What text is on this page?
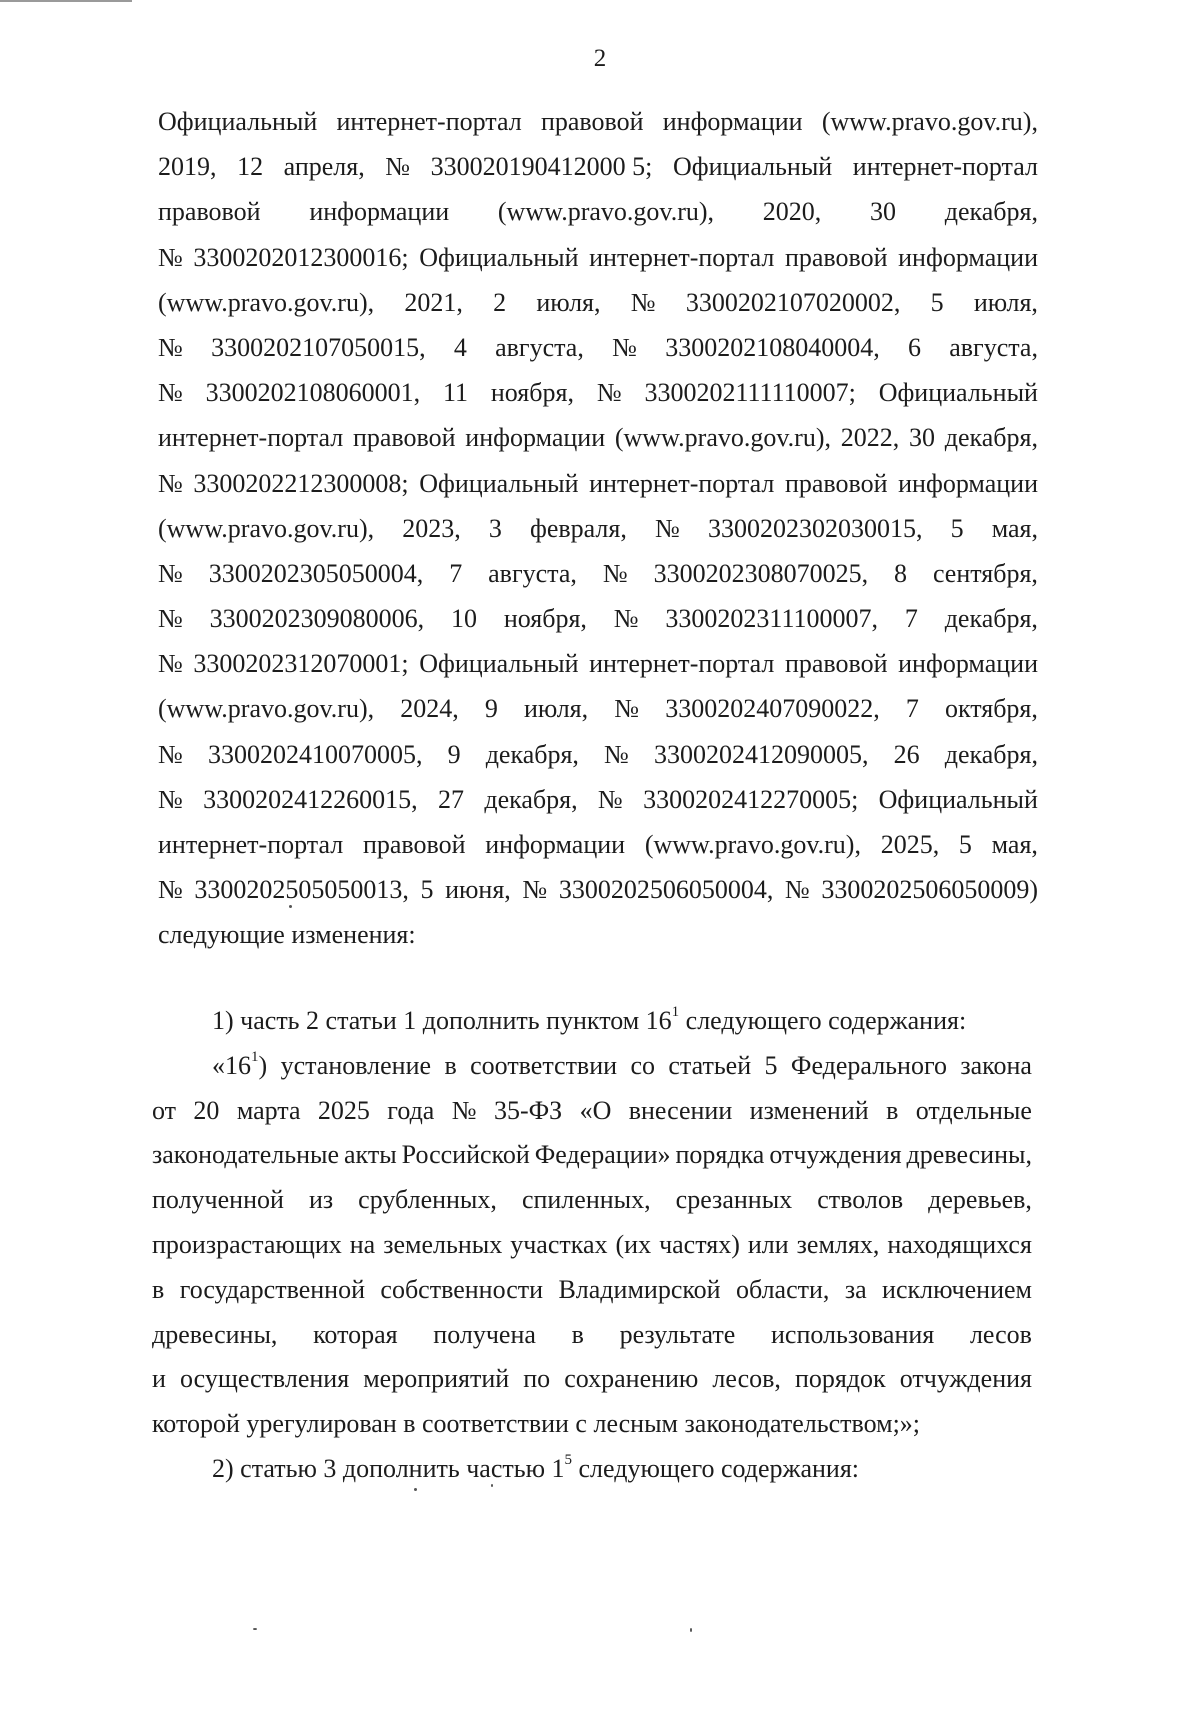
2
Официальный интернет-портал правовой информации (www.pravo.gov.ru),
2019, 12 апреля, № 330020190412000 5; Официальный интернет-портал
правовой информации (www.pravo.gov.ru), 2020, 30 декабря,
№ 3300202012300016; Официальный интернет-портал правовой информации
(www.pravo.gov.ru), 2021, 2 июля, № 3300202107020002, 5 июля,
№ 3300202107050015, 4 августа, № 3300202108040004, 6 августа,
№ 3300202108060001, 11 ноября, № 3300202111110007; Официальный
интернет-портал правовой информации (www.pravo.gov.ru), 2022, 30 декабря,
№ 3300202212300008; Официальный интернет-портал правовой информации
(www.pravo.gov.ru), 2023, 3 февраля, № 3300202302030015, 5 мая,
№ 3300202305050004, 7 августа, № 3300202308070025, 8 сентября,
№ 3300202309080006, 10 ноября, № 3300202311100007, 7 декабря,
№ 3300202312070001; Официальный интернет-портал правовой информации
(www.pravo.gov.ru), 2024, 9 июля, № 3300202407090022, 7 октября,
№ 3300202410070005, 9 декабря, № 3300202412090005, 26 декабря,
№ 3300202412260015, 27 декабря, № 3300202412270005; Официальный
интернет-портал правовой информации (www.pravo.gov.ru), 2025, 5 мая,
№ 3300202505050013, 5 июня, № 3300202506050004, № 3300202506050009)
следующие изменения:
1) часть 2 статьи 1 дополнить пунктом $16^1$ следующего содержания:
«$16^1$) установление в соответствии со статьей 5 Федерального закона
от 20 марта 2025 года № 35-ФЗ «О внесении изменений в отдельные
законодательные акты Российской Федерации» порядка отчуждения древесины,
полученной из срубленных, спиленных, срезанных стволов деревьев,
произрастающих на земельных участках (их частях) или землях, находящихся
в государственной собственности Владимирской области, за исключением
древесины, которая получена в результате использования лесов
и осуществления мероприятий по сохранению лесов, порядок отчуждения
которой урегулирован в соответствии с лесным законодательством;»;
2) статью 3 дополнить частью $1^5$ следующего содержания:
